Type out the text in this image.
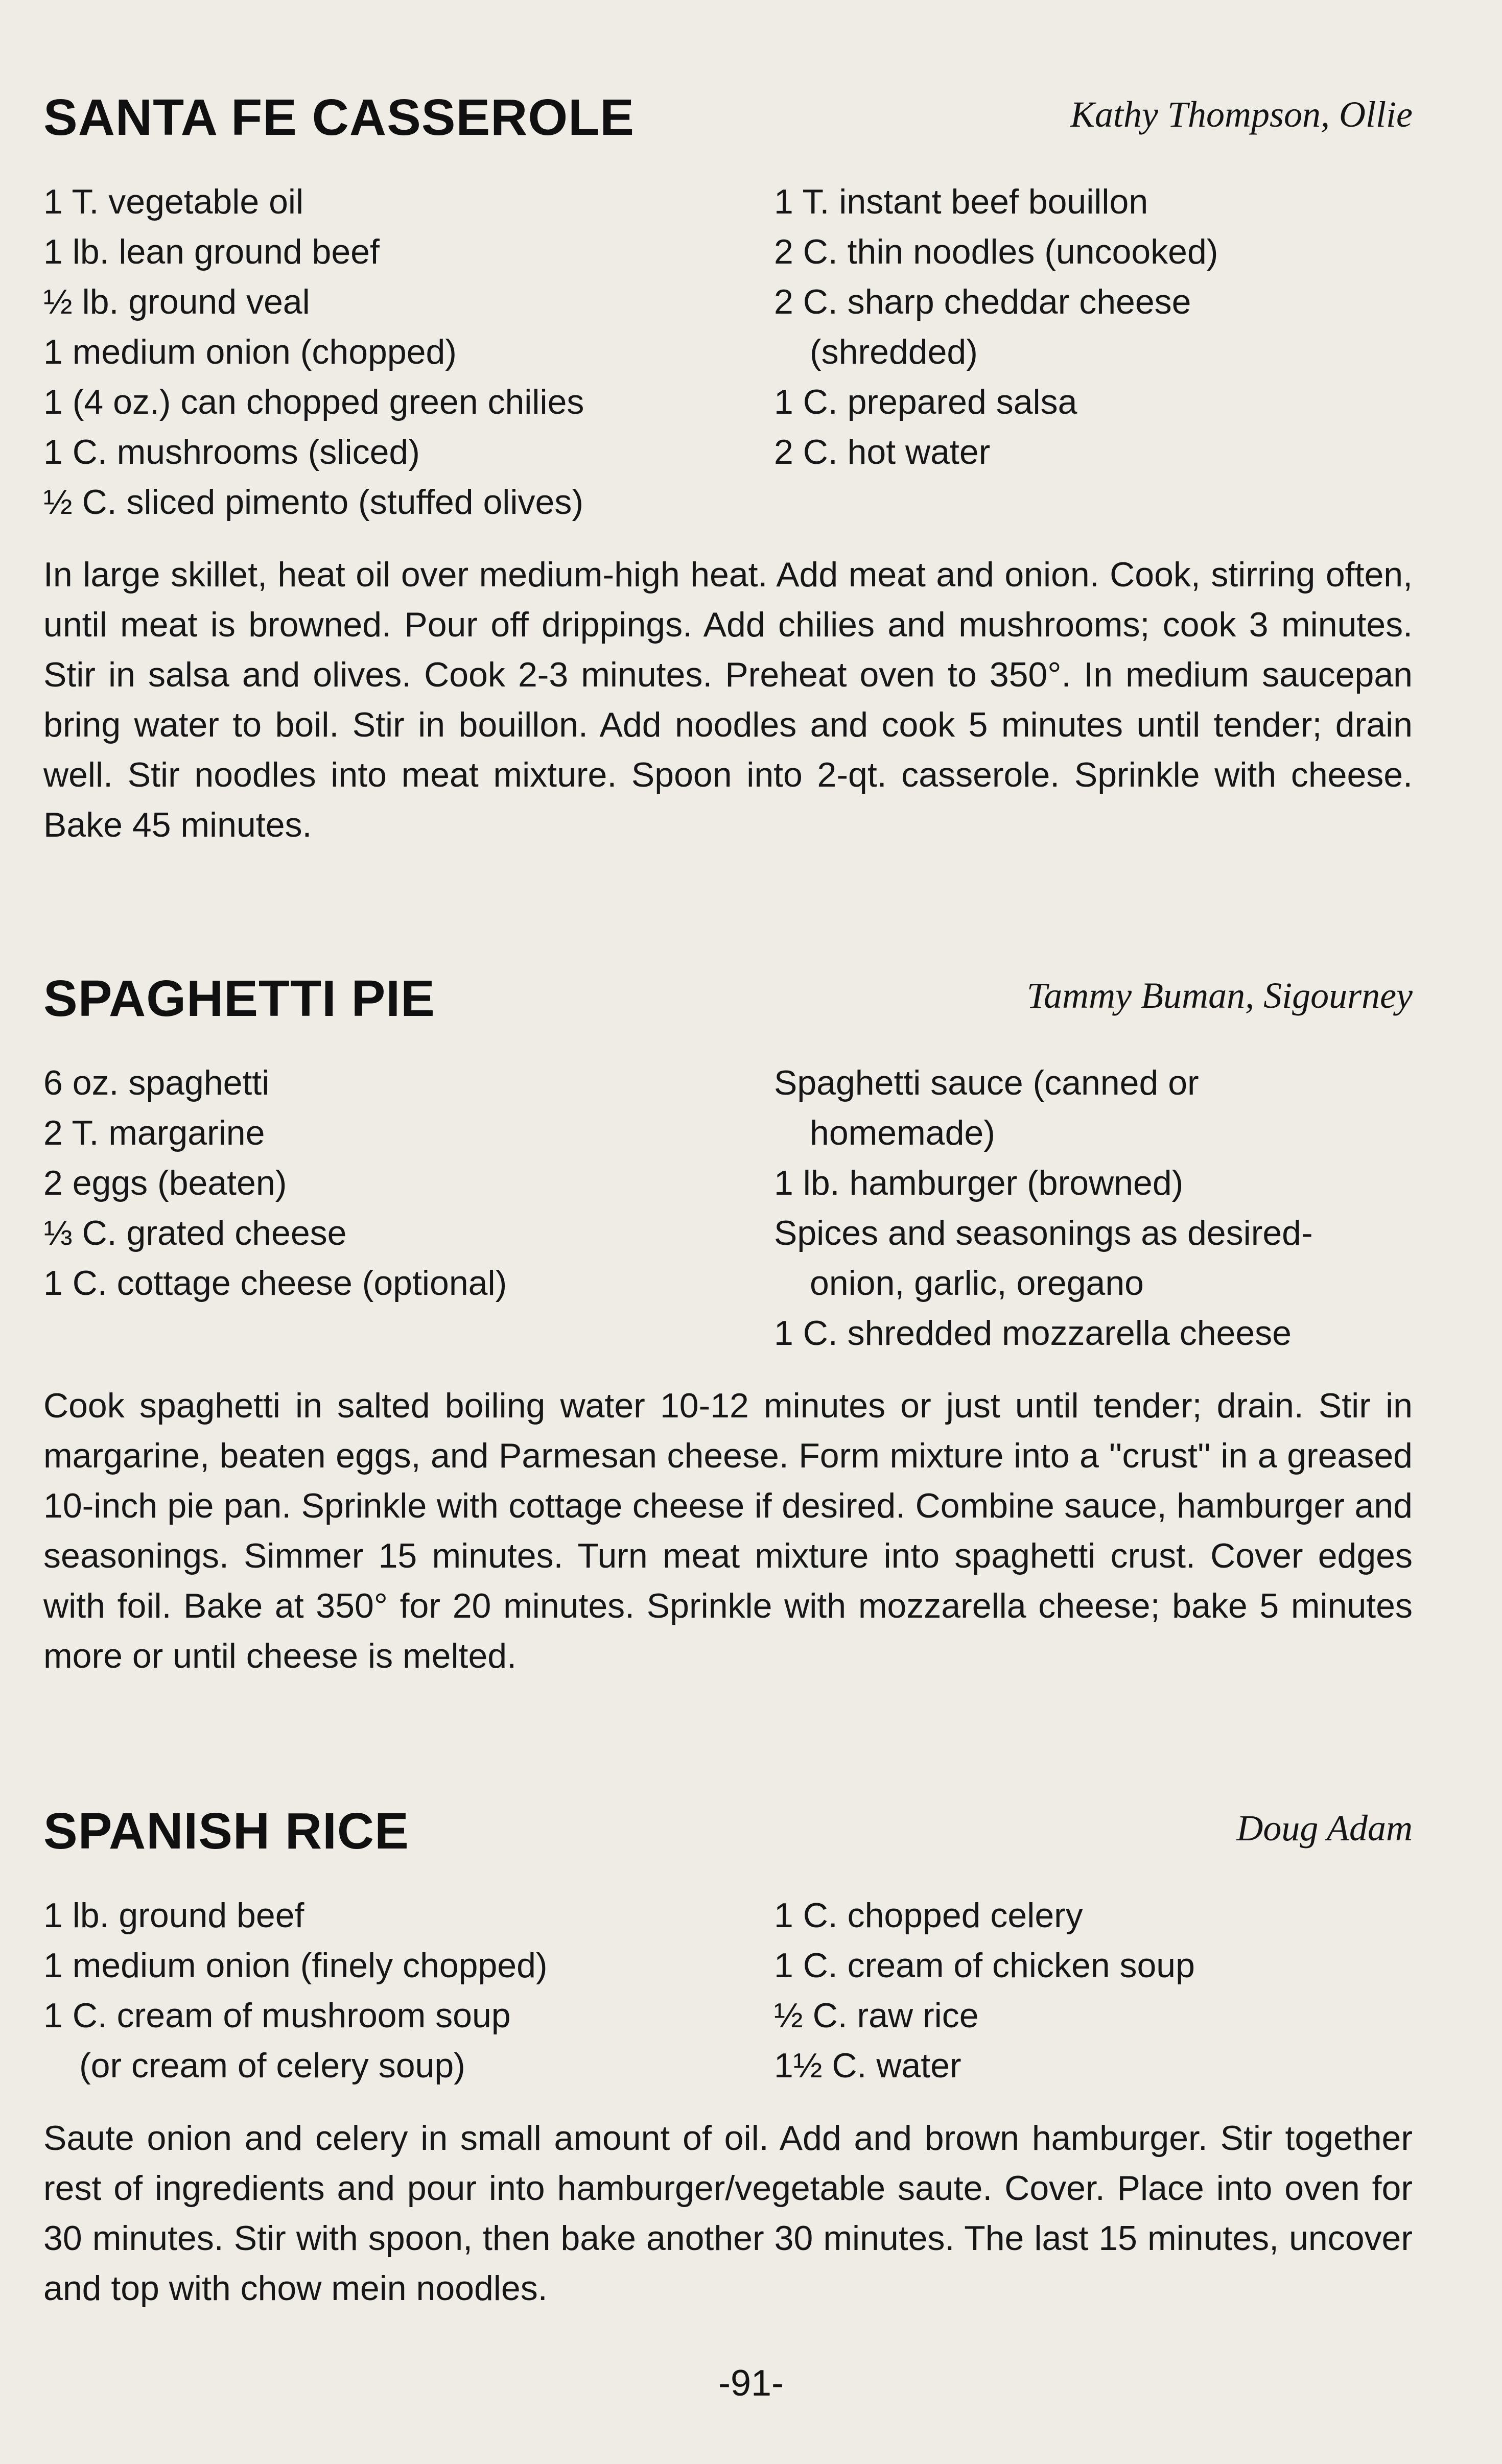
SANTA FE CASSEROLE	Kathy Thompson, Ollie
1 T. vegetable oil
1 lb. lean ground beef
½ lb. ground veal
1 medium onion (chopped)
1 (4 oz.) can chopped green chilies
1 C. mushrooms (sliced)
½ C. sliced pimento (stuffed olives)
1 T. instant beef bouillon
2 C. thin noodles (uncooked)
2 C. sharp cheddar cheese
(shredded)
1 C. prepared salsa
2 C. hot water

In large skillet, heat oil over medium-high heat. Add meat and onion. Cook, stirring often, until meat is browned. Pour off drippings. Add chilies and mushrooms; cook 3 minutes. Stir in salsa and olives. Cook 2-3 minutes. Preheat oven to 350°. In medium saucepan bring water to boil. Stir in bouillon. Add noodles and cook 5 minutes until tender; drain well. Stir noodles into meat mixture. Spoon into 2-qt. casserole. Sprinkle with cheese. Bake 45 minutes.

SPAGHETTI PIE	Tammy Buman, Sigourney
6 oz. spaghetti
2 T. margarine
2 eggs (beaten)
⅓ C. grated cheese
1 C. cottage cheese (optional)
Spaghetti sauce (canned or
homemade)
1 lb. hamburger (browned)
Spices and seasonings as desired-
onion, garlic, oregano
1 C. shredded mozzarella cheese

Cook spaghetti in salted boiling water 10-12 minutes or just until tender; drain. Stir in margarine, beaten eggs, and Parmesan cheese. Form mixture into a ''crust'' in a greased 10-inch pie pan. Sprinkle with cottage cheese if desired. Combine sauce, hamburger and seasonings. Simmer 15 minutes. Turn meat mixture into spaghetti crust. Cover edges with foil. Bake at 350° for 20 minutes. Sprinkle with mozzarella cheese; bake 5 minutes more or until cheese is melted.

SPANISH RICE	Doug Adam
1 lb. ground beef
1 medium onion (finely chopped)
1 C. cream of mushroom soup
(or cream of celery soup)
1 C. chopped celery
1 C. cream of chicken soup
½ C. raw rice
1½ C. water

Saute onion and celery in small amount of oil. Add and brown hamburger. Stir together rest of ingredients and pour into hamburger/vegetable saute. Cover. Place into oven for 30 minutes. Stir with spoon, then bake another 30 minutes. The last 15 minutes, uncover and top with chow mein noodles.

-91-
